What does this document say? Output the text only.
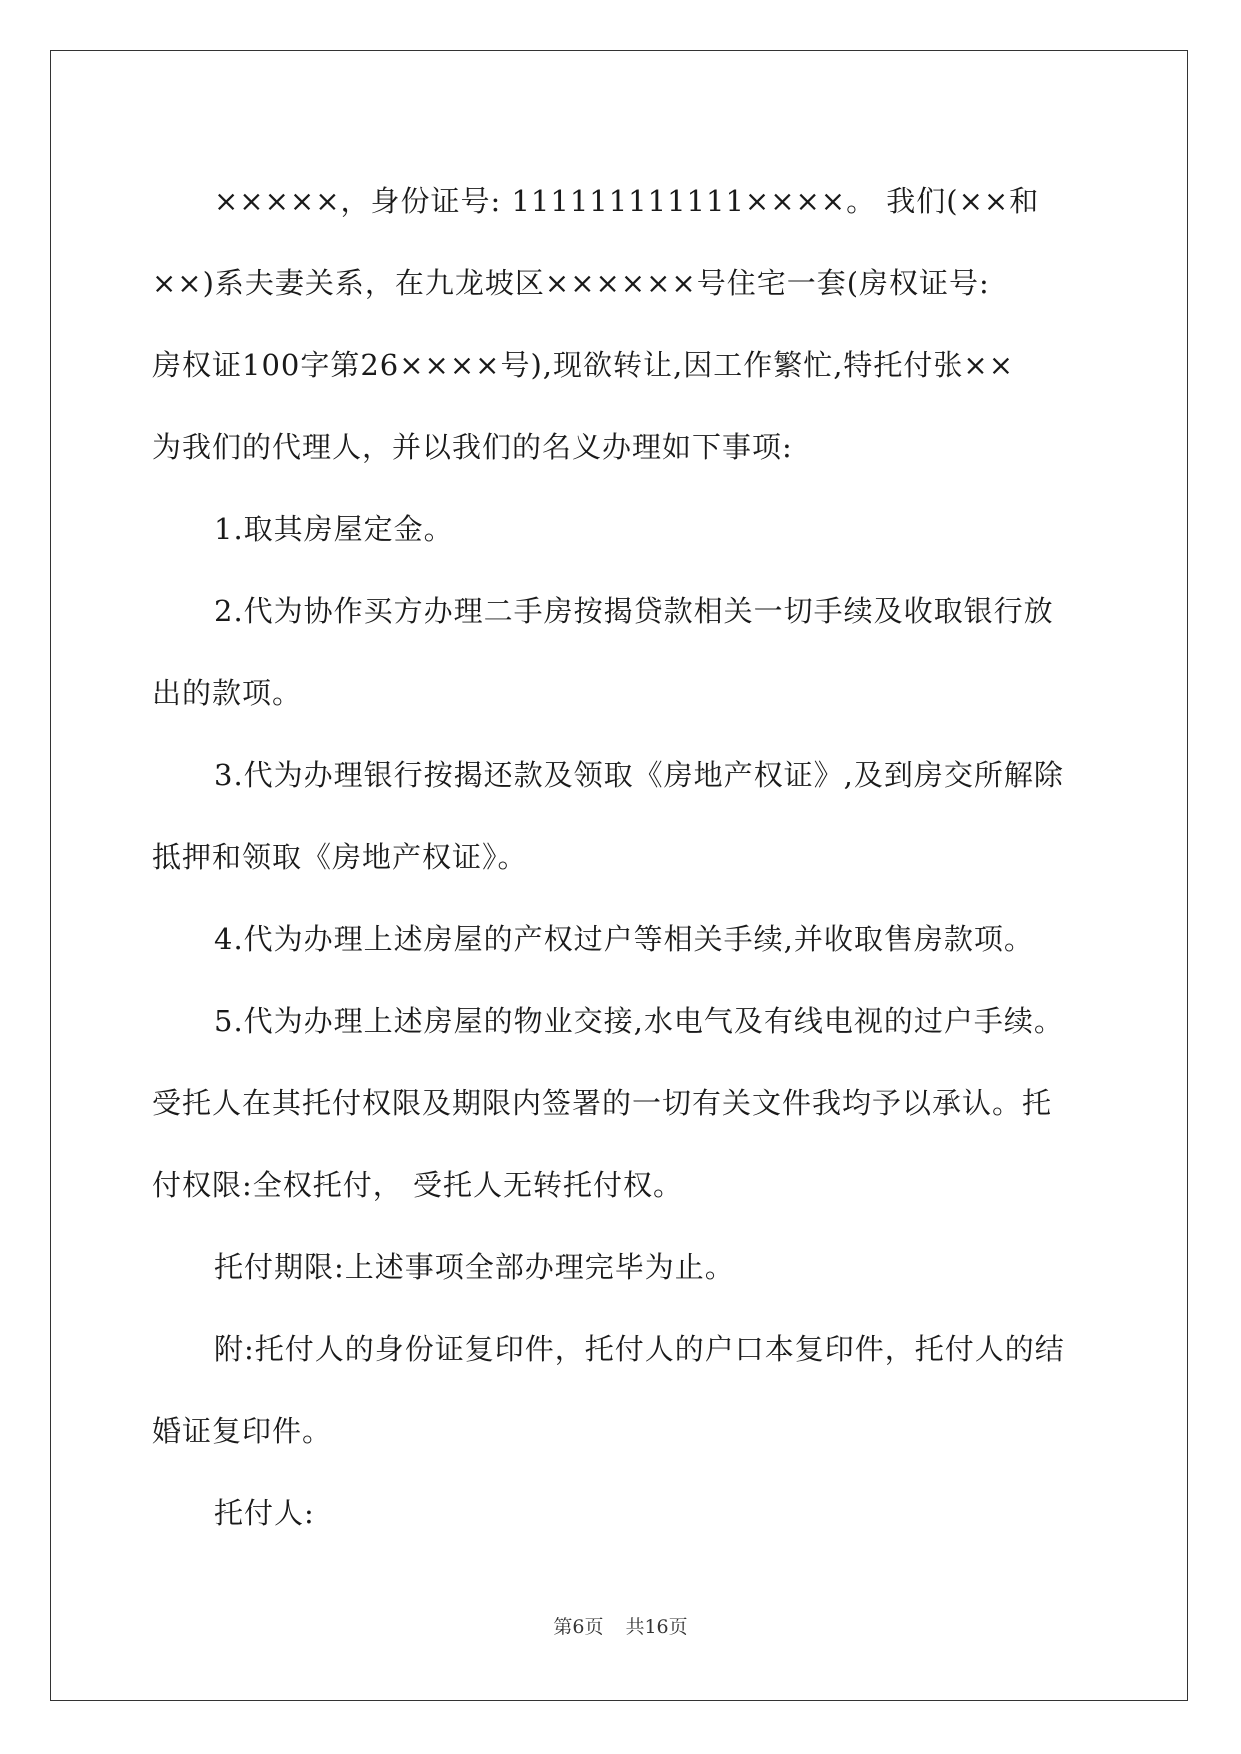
×××××，身份证号: 111111111111××××。 我们(××和
××)系夫妻关系，在九龙坡区××××××号住宅一套(房权证号:
房权证100字第26××××号),现欲转让,因工作繁忙,特托付张××
为我们的代理人，并以我们的名义办理如下事项:
1.取其房屋定金。
2.代为协作买方办理二手房按揭贷款相关一切手续及收取银行放
出的款项。
3.代为办理银行按揭还款及领取《房地产权证》,及到房交所解除
抵押和领取《房地产权证》。
4.代为办理上述房屋的产权过户等相关手续,并收取售房款项。
5.代为办理上述房屋的物业交接,水电气及有线电视的过户手续。
受托人在其托付权限及期限内签署的一切有关文件我均予以承认。托
付权限:全权托付， 受托人无转托付权。
托付期限:上述事项全部办理完毕为止。
附:托付人的身份证复印件，托付人的户口本复印件，托付人的结
婚证复印件。
托付人:
第6页 共16页
